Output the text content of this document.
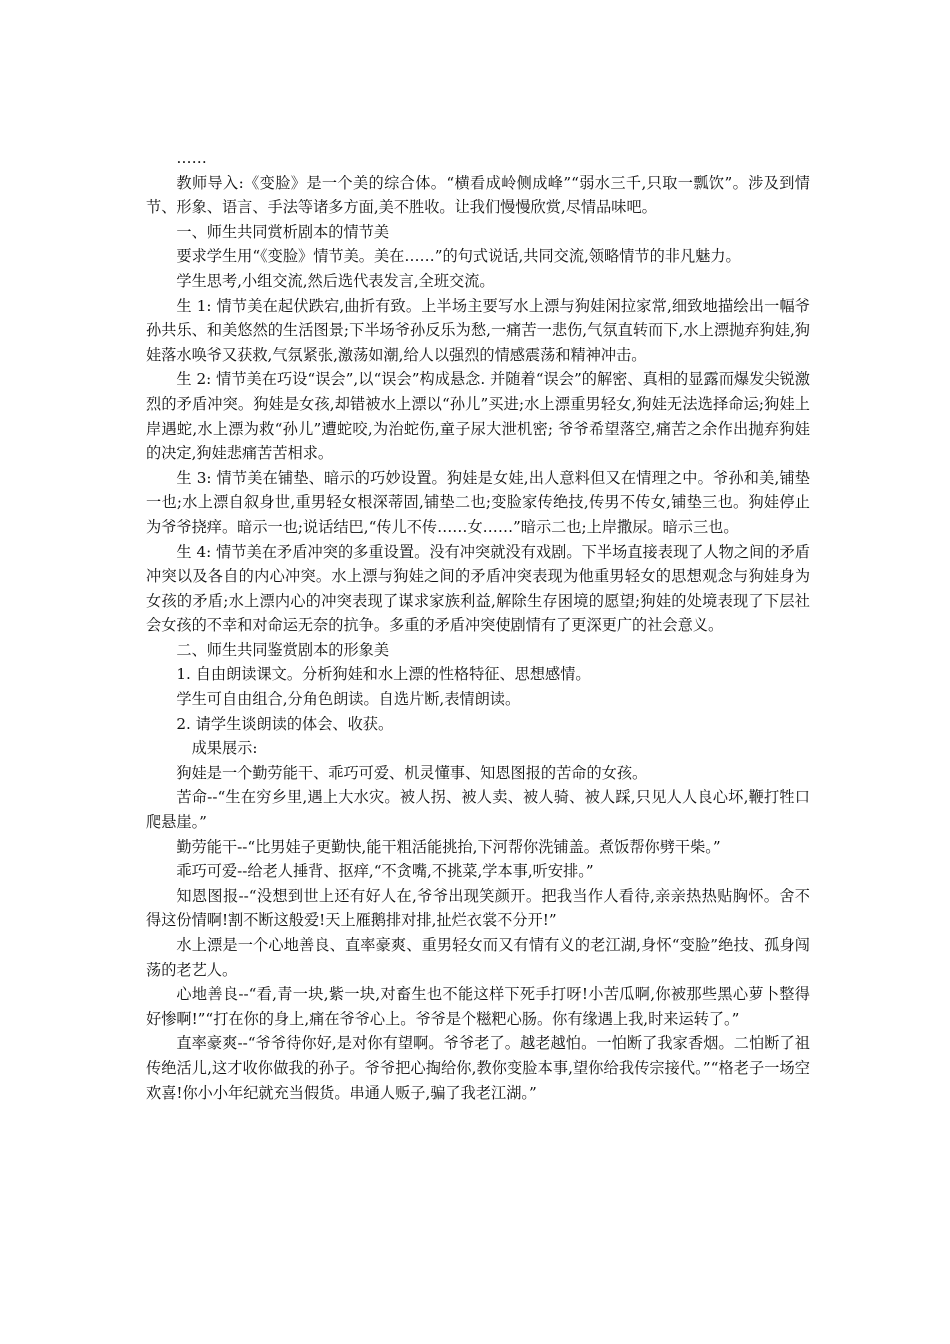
……

教师导入:《变脸》是一个美的综合体。“横看成岭侧成峰”“弱水三千,只取一瓢饮”。涉及到情节、形象、语言、手法等诸多方面,美不胜收。让我们慢慢欣赏,尽情品味吧。

一、师生共同赏析剧本的情节美

要求学生用“《变脸》情节美。美在……”的句式说话,共同交流,领略情节的非凡魅力。

学生思考,小组交流,然后选代表发言,全班交流。

生 1: 情节美在起伏跌宕,曲折有致。上半场主要写水上漂与狗娃闲拉家常,细致地描绘出一幅爷孙共乐、和美悠然的生活图景;下半场爷孙反乐为愁,一痛苦一悲伤,气氛直转而下,水上漂抛弃狗娃,狗娃落水唤爷又获救,气氛紧张,激荡如潮,给人以强烈的情感震荡和精神冲击。

生 2: 情节美在巧设“误会”,以“误会”构成悬念. 并随着“误会”的解密、真相的显露而爆发尖锐激烈的矛盾冲突。狗娃是女孩,却错被水上漂以“孙儿”买进;水上漂重男轻女,狗娃无法选择命运;狗娃上岸遇蛇,水上漂为救“孙儿”遭蛇咬,为治蛇伤,童子尿大泄机密; 爷爷希望落空,痛苦之余作出抛弃狗娃的决定,狗娃悲痛苦苦相求。

生 3: 情节美在铺垫、暗示的巧妙设置。狗娃是女娃,出人意料但又在情理之中。爷孙和美,铺垫一也;水上漂自叙身世,重男轻女根深蒂固,铺垫二也;变脸家传绝技,传男不传女,铺垫三也。狗娃停止为爷爷挠痒。暗示一也;说话结巴,“传儿不传……女……”暗示二也;上岸撒尿。暗示三也。

生 4: 情节美在矛盾冲突的多重设置。没有冲突就没有戏剧。下半场直接表现了人物之间的矛盾冲突以及各自的内心冲突。水上漂与狗娃之间的矛盾冲突表现为他重男轻女的思想观念与狗娃身为女孩的矛盾;水上漂内心的冲突表现了谋求家族利益,解除生存困境的愿望;狗娃的处境表现了下层社会女孩的不幸和对命运无奈的抗争。多重的矛盾冲突使剧情有了更深更广的社会意义。

二、师生共同鉴赏剧本的形象美

1. 自由朗读课文。分析狗娃和水上漂的性格特征、思想感情。

学生可自由组合,分角色朗读。自选片断,表情朗读。

2. 请学生谈朗读的体会、收获。

成果展示:

狗娃是一个勤劳能干、乖巧可爱、机灵懂事、知恩图报的苦命的女孩。

苦命--“生在穷乡里,遇上大水灾。被人拐、被人卖、被人骑、被人踩,只见人人良心坏,鞭打牲口爬悬崖。”

勤劳能干--“比男娃子更勤快,能干粗活能挑抬,下河帮你洗铺盖。煮饭帮你劈干柴。”

乖巧可爱--给老人捶背、抠痒,“不贪嘴,不挑菜,学本事,听安排。”

知恩图报--“没想到世上还有好人在,爷爷出现笑颜开。把我当作人看待,亲亲热热贴胸怀。舍不得这份情啊!割不断这般爱!天上雁鹅排对排,扯烂衣裳不分开!”

水上漂是一个心地善良、直率豪爽、重男轻女而又有情有义的老江湖,身怀“变脸”绝技、孤身闯荡的老艺人。

心地善良--“看,青一块,紫一块,对畜生也不能这样下死手打呀!小苦瓜啊,你被那些黑心萝卜整得好惨啊!”“打在你的身上,痛在爷爷心上。爷爷是个糍粑心肠。你有缘遇上我,时来运转了。”

直率豪爽--“爷爷待你好,是对你有望啊。爷爷老了。越老越怕。一怕断了我家香烟。二怕断了祖传绝活儿,这才收你做我的孙子。爷爷把心掏给你,教你变脸本事,望你给我传宗接代。”“格老子一场空欢喜!你小小年纪就充当假货。串通人贩子,骗了我老江湖。”
